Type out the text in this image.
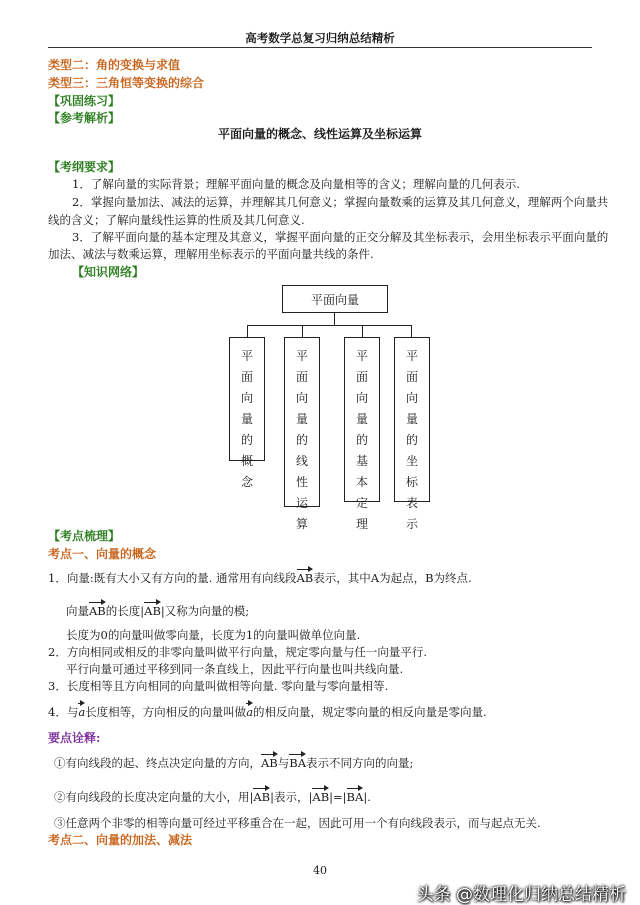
高考数学总复习归纳总结精析
类型二：角的变换与求值
类型三：三角恒等变换的综合
【巩固练习】
【参考解析】
平面向量的概念、线性运算及坐标运算
【考纲要求】
1．了解向量的实际背景；理解平面向量的概念及向量相等的含义；理解向量的几何表示.
2．掌握向量加法、减法的运算，并理解其几何意义；掌握向量数乘的运算及其几何意义，理解两个向量共
线的含义；了解向量线性运算的性质及其几何意义.
3．了解平面向量的基本定理及其意义，掌握平面向量的正交分解及其坐标表示，会用坐标表示平面向量的
加法、减法与数乘运算，理解用坐标表示的平面向量共线的条件.
【知识网络】
平面向量
平
面
向
量
的
概
念
平
面
向
量
的
线
性
运
算
平
面
向
量
的
基
本
定
理
平
面
向
量
的
坐
标
表
示
【考点梳理】
考点一、向量的概念
1．向量:既有大小又有方向的量. 通常用有向线段AB表示，其中A为起点，B为终点.
向量AB的长度|AB|又称为向量的模;
长度为0的向量叫做零向量，长度为1的向量叫做单位向量.
2．方向相同或相反的非零向量叫做平行向量，规定零向量与任一向量平行.
平行向量可通过平移到同一条直线上，因此平行向量也叫共线向量.
3．长度相等且方向相同的向量叫做相等向量. 零向量与零向量相等.
4．与a长度相等，方向相反的向量叫做a的相反向量，规定零向量的相反向量是零向量.
要点诠释:
①有向线段的起、终点决定向量的方向，AB与BA表示不同方向的向量;
②有向线段的长度决定向量的大小，用|AB|表示，|AB|=|BA|.
③任意两个非零的相等向量可经过平移重合在一起，因此可用一个有向线段表示，而与起点无关.
考点二、向量的加法、减法
40
头条 @数理化归纳总结精析
